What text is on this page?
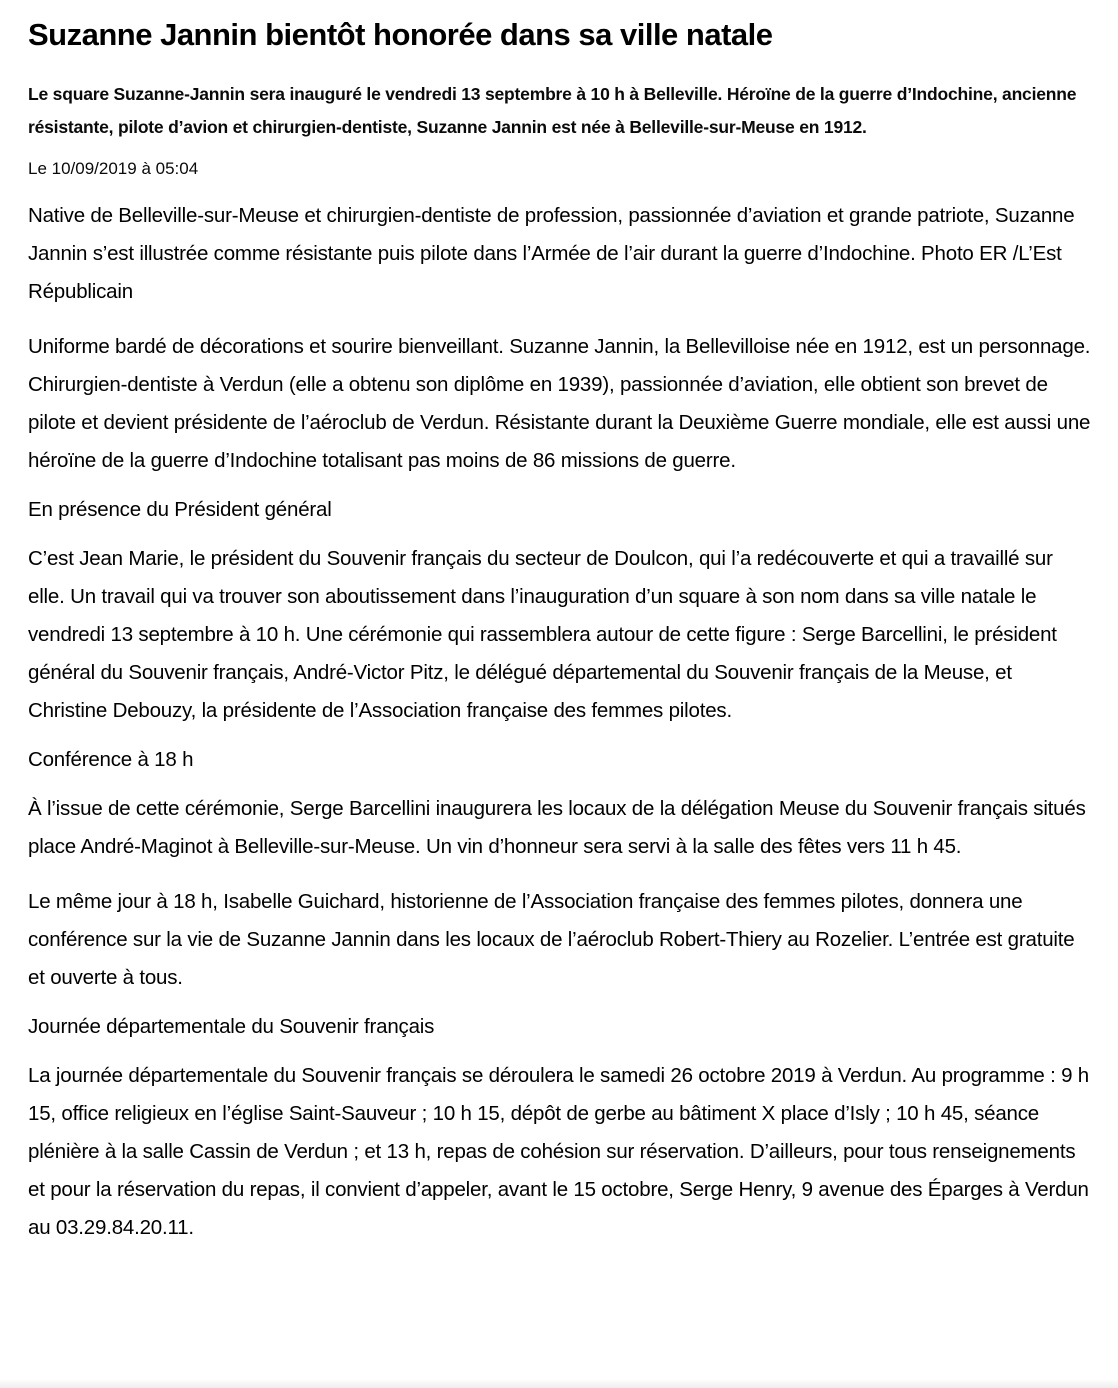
Suzanne Jannin bientôt honorée dans sa ville natale

Le square Suzanne-Jannin sera inauguré le vendredi 13 septembre à 10 h à Belleville. Héroïne de la guerre d’Indochine, ancienne résistante, pilote d’avion et chirurgien-dentiste, Suzanne Jannin est née à Belleville-sur-Meuse en 1912.

Le 10/09/2019 à 05:04

Native de Belleville-sur-Meuse et chirurgien-dentiste de profession, passionnée d’aviation et grande patriote, Suzanne Jannin s’est illustrée comme résistante puis pilote dans l’Armée de l’air durant la guerre d’Indochine. Photo ER /L’Est Républicain

Uniforme bardé de décorations et sourire bienveillant. Suzanne Jannin, la Bellevilloise née en 1912, est un personnage. Chirurgien-dentiste à Verdun (elle a obtenu son diplôme en 1939), passionnée d’aviation, elle obtient son brevet de pilote et devient présidente de l’aéroclub de Verdun. Résistante durant la Deuxième Guerre mondiale, elle est aussi une héroïne de la guerre d’Indochine totalisant pas moins de 86 missions de guerre.

En présence du Président général

C’est Jean Marie, le président du Souvenir français du secteur de Doulcon, qui l’a redécouverte et qui a travaillé sur elle. Un travail qui va trouver son aboutissement dans l’inauguration d’un square à son nom dans sa ville natale le vendredi 13 septembre à 10 h. Une cérémonie qui rassemblera autour de cette figure : Serge Barcellini, le président général du Souvenir français, André-Victor Pitz, le délégué départemental du Souvenir français de la Meuse, et Christine Debouzy, la présidente de l’Association française des femmes pilotes.

Conférence à 18 h

À l’issue de cette cérémonie, Serge Barcellini inaugurera les locaux de la délégation Meuse du Souvenir français situés place André-Maginot à Belleville-sur-Meuse. Un vin d’honneur sera servi à la salle des fêtes vers 11 h 45.

Le même jour à 18 h, Isabelle Guichard, historienne de l’Association française des femmes pilotes, donnera une conférence sur la vie de Suzanne Jannin dans les locaux de l’aéroclub Robert-Thiery au Rozelier. L’entrée est gratuite et ouverte à tous.

Journée départementale du Souvenir français

La journée départementale du Souvenir français se déroulera le samedi 26 octobre 2019 à Verdun. Au programme : 9 h 15, office religieux en l’église Saint-Sauveur ; 10 h 15, dépôt de gerbe au bâtiment X place d’Isly ; 10 h 45, séance plénière à la salle Cassin de Verdun ; et 13 h, repas de cohésion sur réservation. D’ailleurs, pour tous renseignements et pour la réservation du repas, il convient d’appeler, avant le 15 octobre, Serge Henry, 9 avenue des Éparges à Verdun au 03.29.84.20.11.
